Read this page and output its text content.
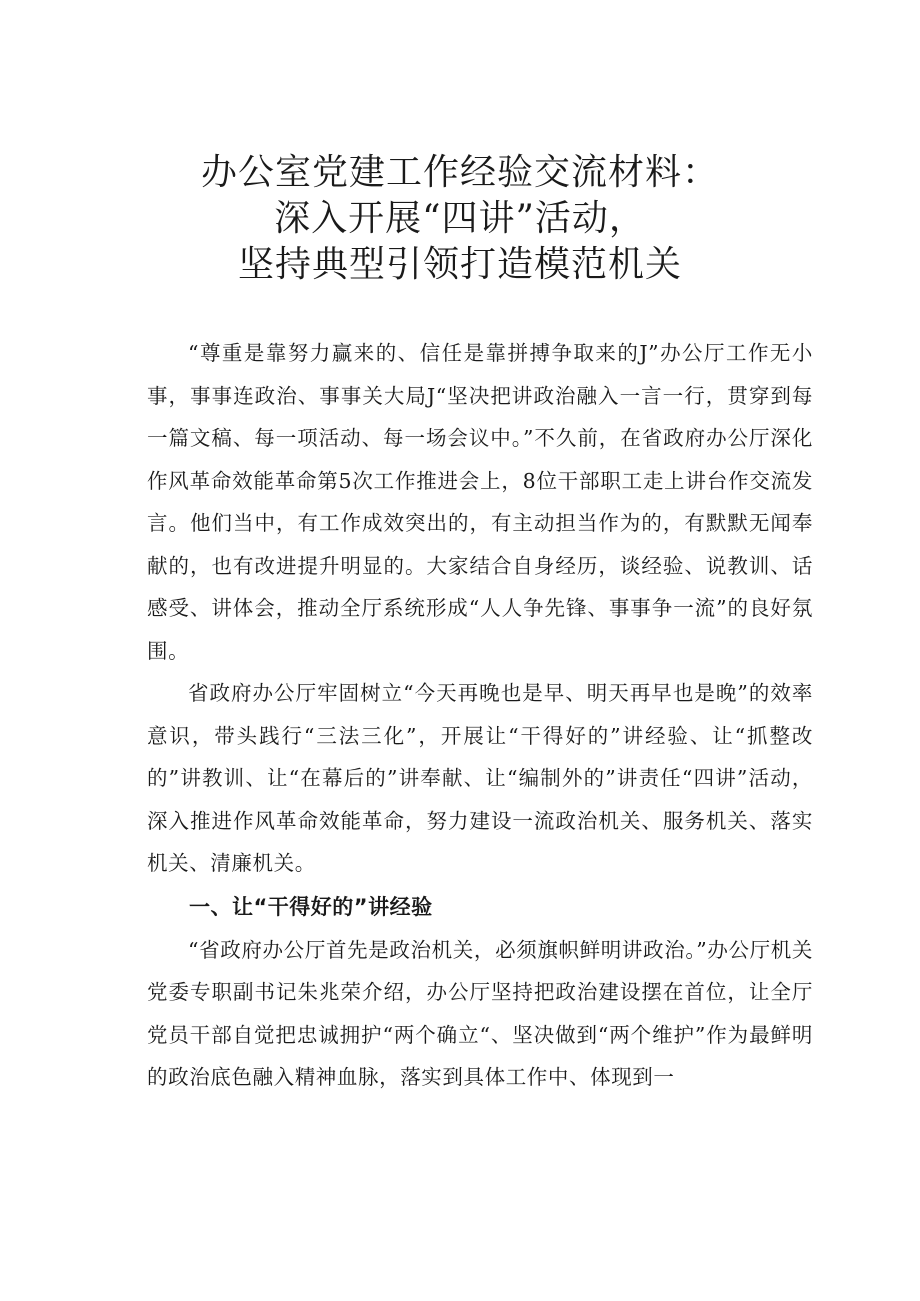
办公室党建工作经验交流材料：
深入开展“四讲”活动，
坚持典型引领打造模范机关

“尊重是靠努力赢来的、信任是靠拼搏争取来的J”办公厅工作无小事，事事连政治、事事关大局J“坚决把讲政治融入一言一行，贯穿到每一篇文稿、每一项活动、每一场会议中。”不久前，在省政府办公厅深化作风革命效能革命第5次工作推进会上，8位干部职工走上讲台作交流发言。他们当中，有工作成效突出的，有主动担当作为的，有默默无闻奉献的，也有改进提升明显的。大家结合自身经历，谈经验、说教训、话感受、讲体会，推动全厅系统形成“人人争先锋、事事争一流”的良好氛围。

省政府办公厅牢固树立“今天再晚也是早、明天再早也是晚”的效率意识，带头践行“三法三化”，开展让“干得好的”讲经验、让“抓整改的”讲教训、让“在幕后的”讲奉献、让“编制外的”讲责任“四讲”活动，深入推进作风革命效能革命，努力建设一流政治机关、服务机关、落实机关、清廉机关。

一、让“干得好的”讲经验

“省政府办公厅首先是政治机关，必须旗帜鲜明讲政治。”办公厅机关党委专职副书记朱兆荣介绍，办公厅坚持把政治建设摆在首位，让全厅党员干部自觉把忠诚拥护“两个确立“、坚决做到“两个维护”作为最鲜明的政治底色融入精神血脉，落实到具体工作中、体现到一
